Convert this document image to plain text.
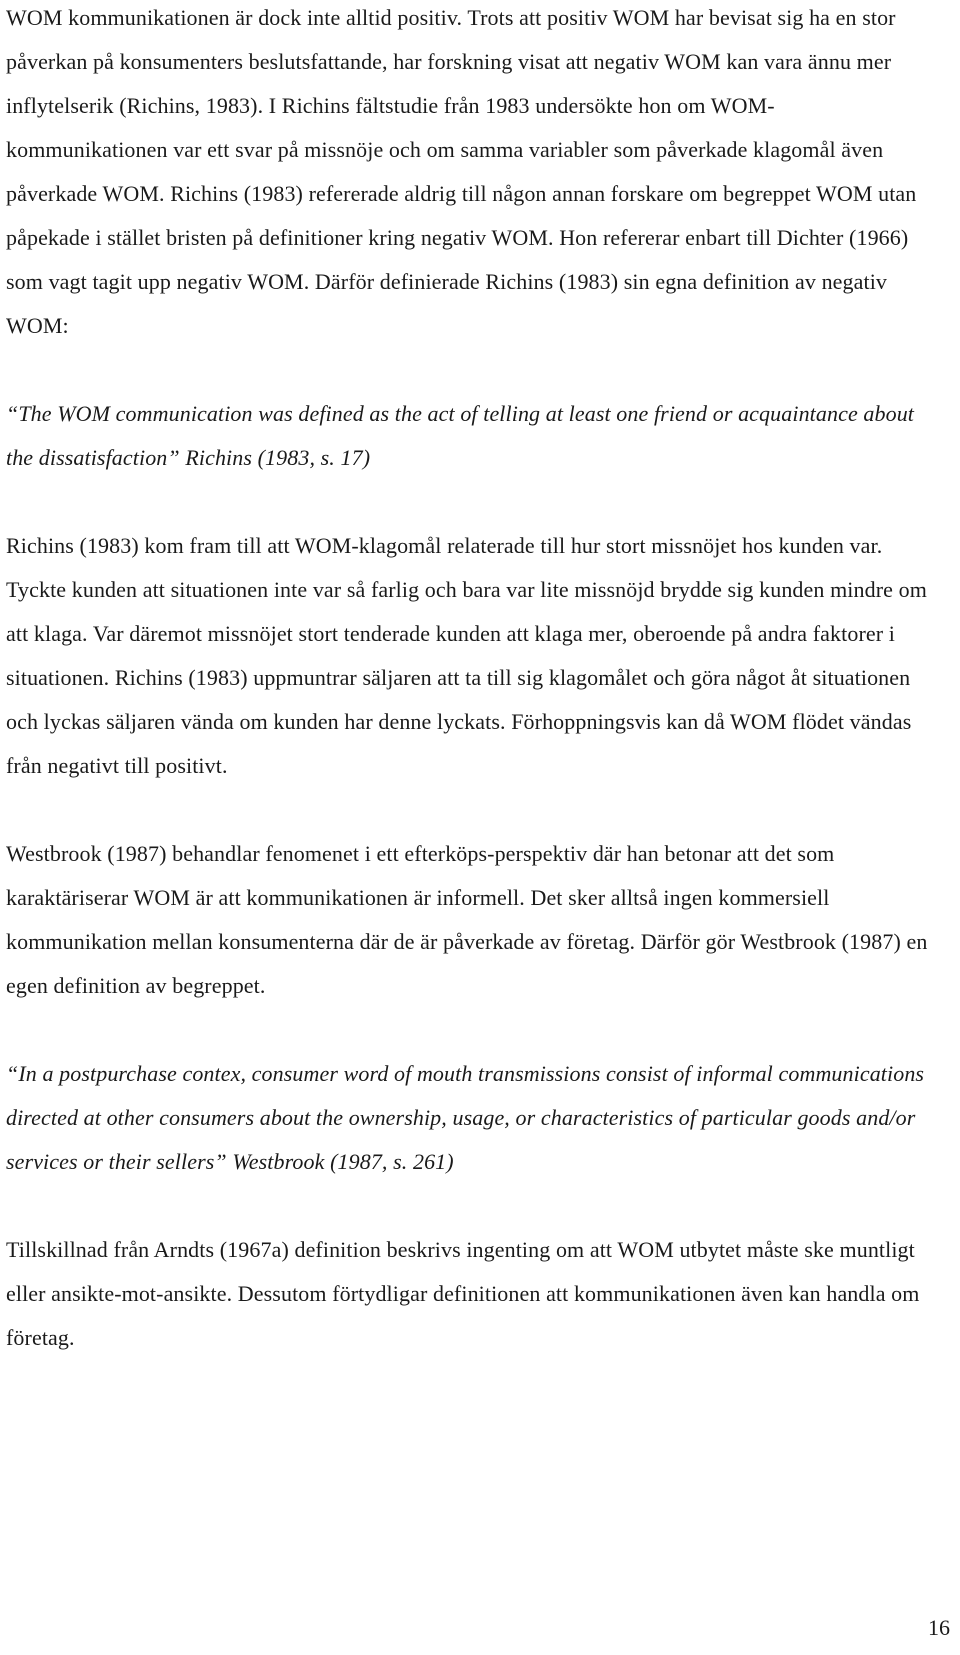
WOM kommunikationen är dock inte alltid positiv. Trots att positiv WOM har bevisat sig ha en stor påverkan på konsumenters beslutsfattande, har forskning visat att negativ WOM kan vara ännu mer inflytelserik (Richins, 1983). I Richins fältstudie från 1983 undersökte hon om WOM-kommunikationen var ett svar på missnöje och om samma variabler som påverkade klagomål även påverkade WOM. Richins (1983) refererade aldrig till någon annan forskare om begreppet WOM utan påpekade i stället bristen på definitioner kring negativ WOM. Hon refererar enbart till Dichter (1966) som vagt tagit upp negativ WOM. Därför definierade Richins (1983) sin egna definition av negativ WOM:

“The WOM communication was defined as the act of telling at least one friend or acquaintance about the dissatisfaction” Richins (1983, s. 17)

Richins (1983) kom fram till att WOM-klagomål relaterade till hur stort missnöjet hos kunden var. Tyckte kunden att situationen inte var så farlig och bara var lite missnöjd brydde sig kunden mindre om att klaga. Var däremot missnöjet stort tenderade kunden att klaga mer, oberoende på andra faktorer i situationen. Richins (1983) uppmuntrar säljaren att ta till sig klagomålet och göra något åt situationen och lyckas säljaren vända om kunden har denne lyckats. Förhoppningsvis kan då WOM flödet vändas från negativt till positivt.

Westbrook (1987) behandlar fenomenet i ett efterköps-perspektiv där han betonar att det som karaktäriserar WOM är att kommunikationen är informell. Det sker alltså ingen kommersiell kommunikation mellan konsumenterna där de är påverkade av företag. Därför gör Westbrook (1987) en egen definition av begreppet.

“In a postpurchase contex, consumer word of mouth transmissions consist of informal communications directed at other consumers about the ownership, usage, or characteristics of particular goods and/or services or their sellers” Westbrook (1987, s. 261)

Tillskillnad från Arndts (1967a) definition beskrivs ingenting om att WOM utbytet måste ske muntligt eller ansikte-mot-ansikte. Dessutom förtydligar definitionen att kommunikationen även kan handla om företag.

16
